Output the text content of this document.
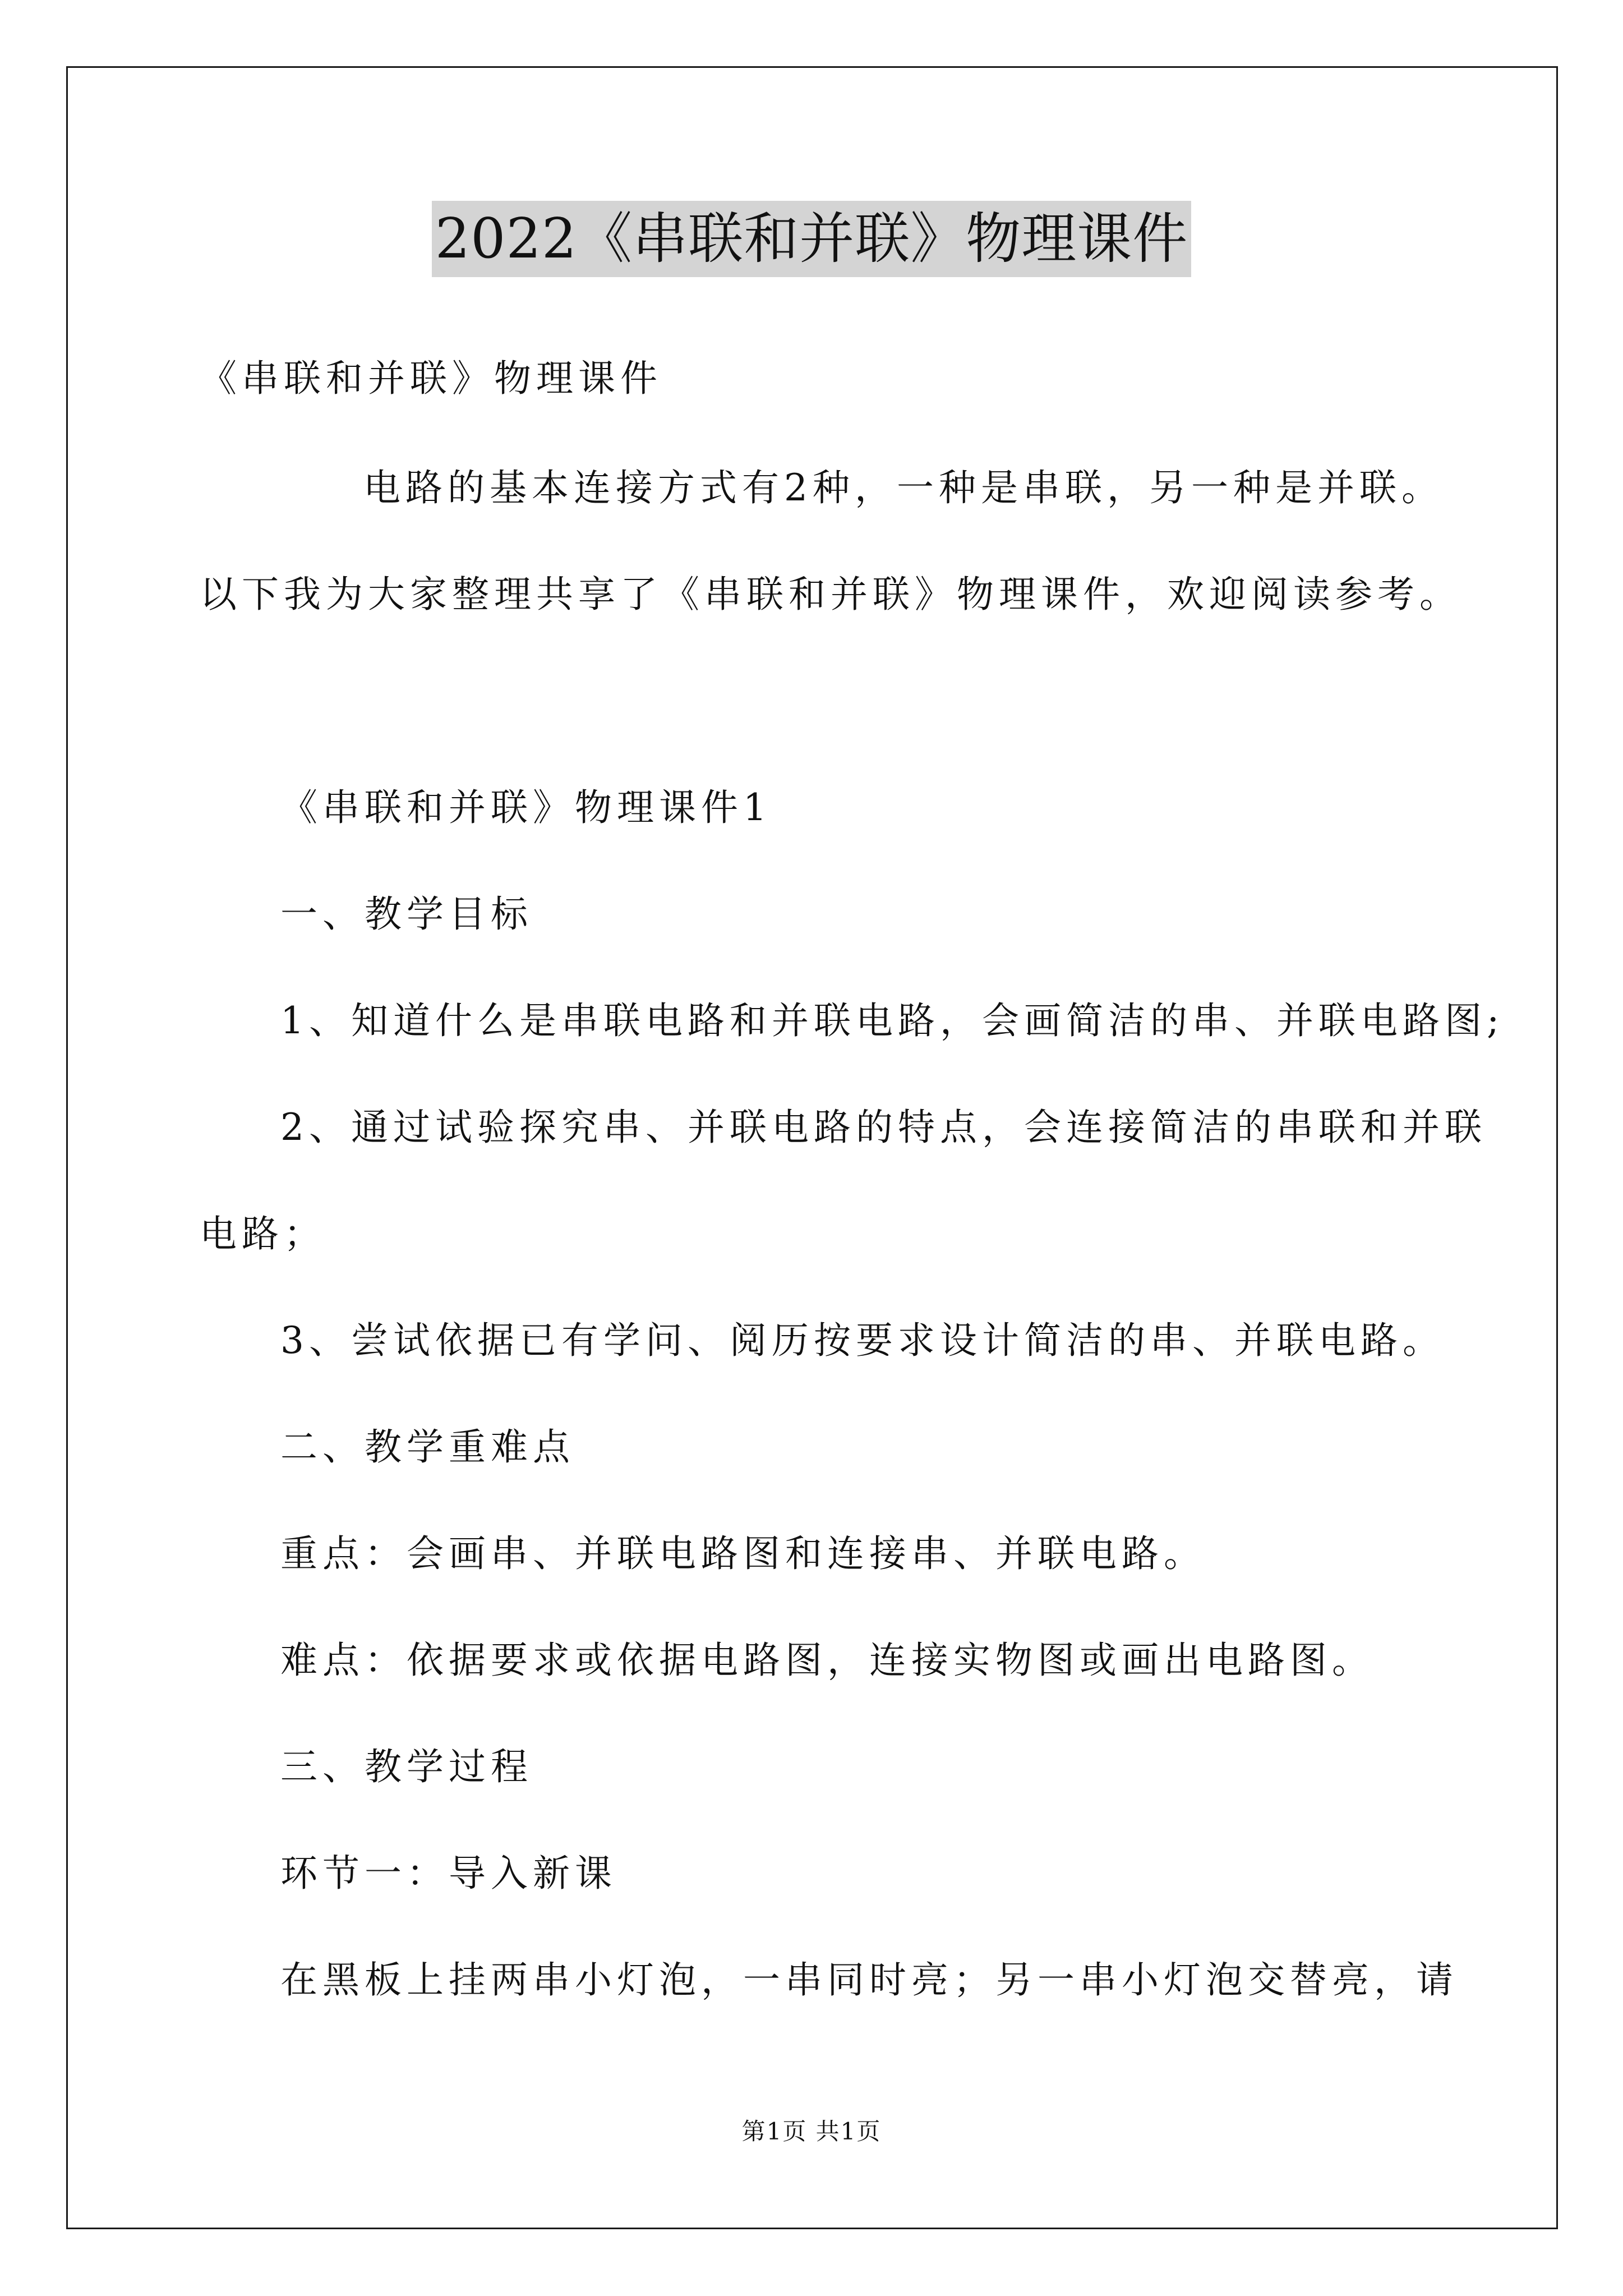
2022《串联和并联》物理课件
《串联和并联》物理课件
电路的基本连接方式有2种，一种是串联，另一种是并联。
以下我为大家整理共享了《串联和并联》物理课件，欢迎阅读参考。
《串联和并联》物理课件1
一、教学目标
1、知道什么是串联电路和并联电路，会画简洁的串、并联电路图;
2、通过试验探究串、并联电路的特点，会连接简洁的串联和并联
电路；
3、尝试依据已有学问、阅历按要求设计简洁的串、并联电路。
二、教学重难点
重点：会画串、并联电路图和连接串、并联电路。
难点：依据要求或依据电路图，连接实物图或画出电路图。
三、教学过程
环节一：导入新课
在黑板上挂两串小灯泡，一串同时亮；另一串小灯泡交替亮，请
第1页 共1页
